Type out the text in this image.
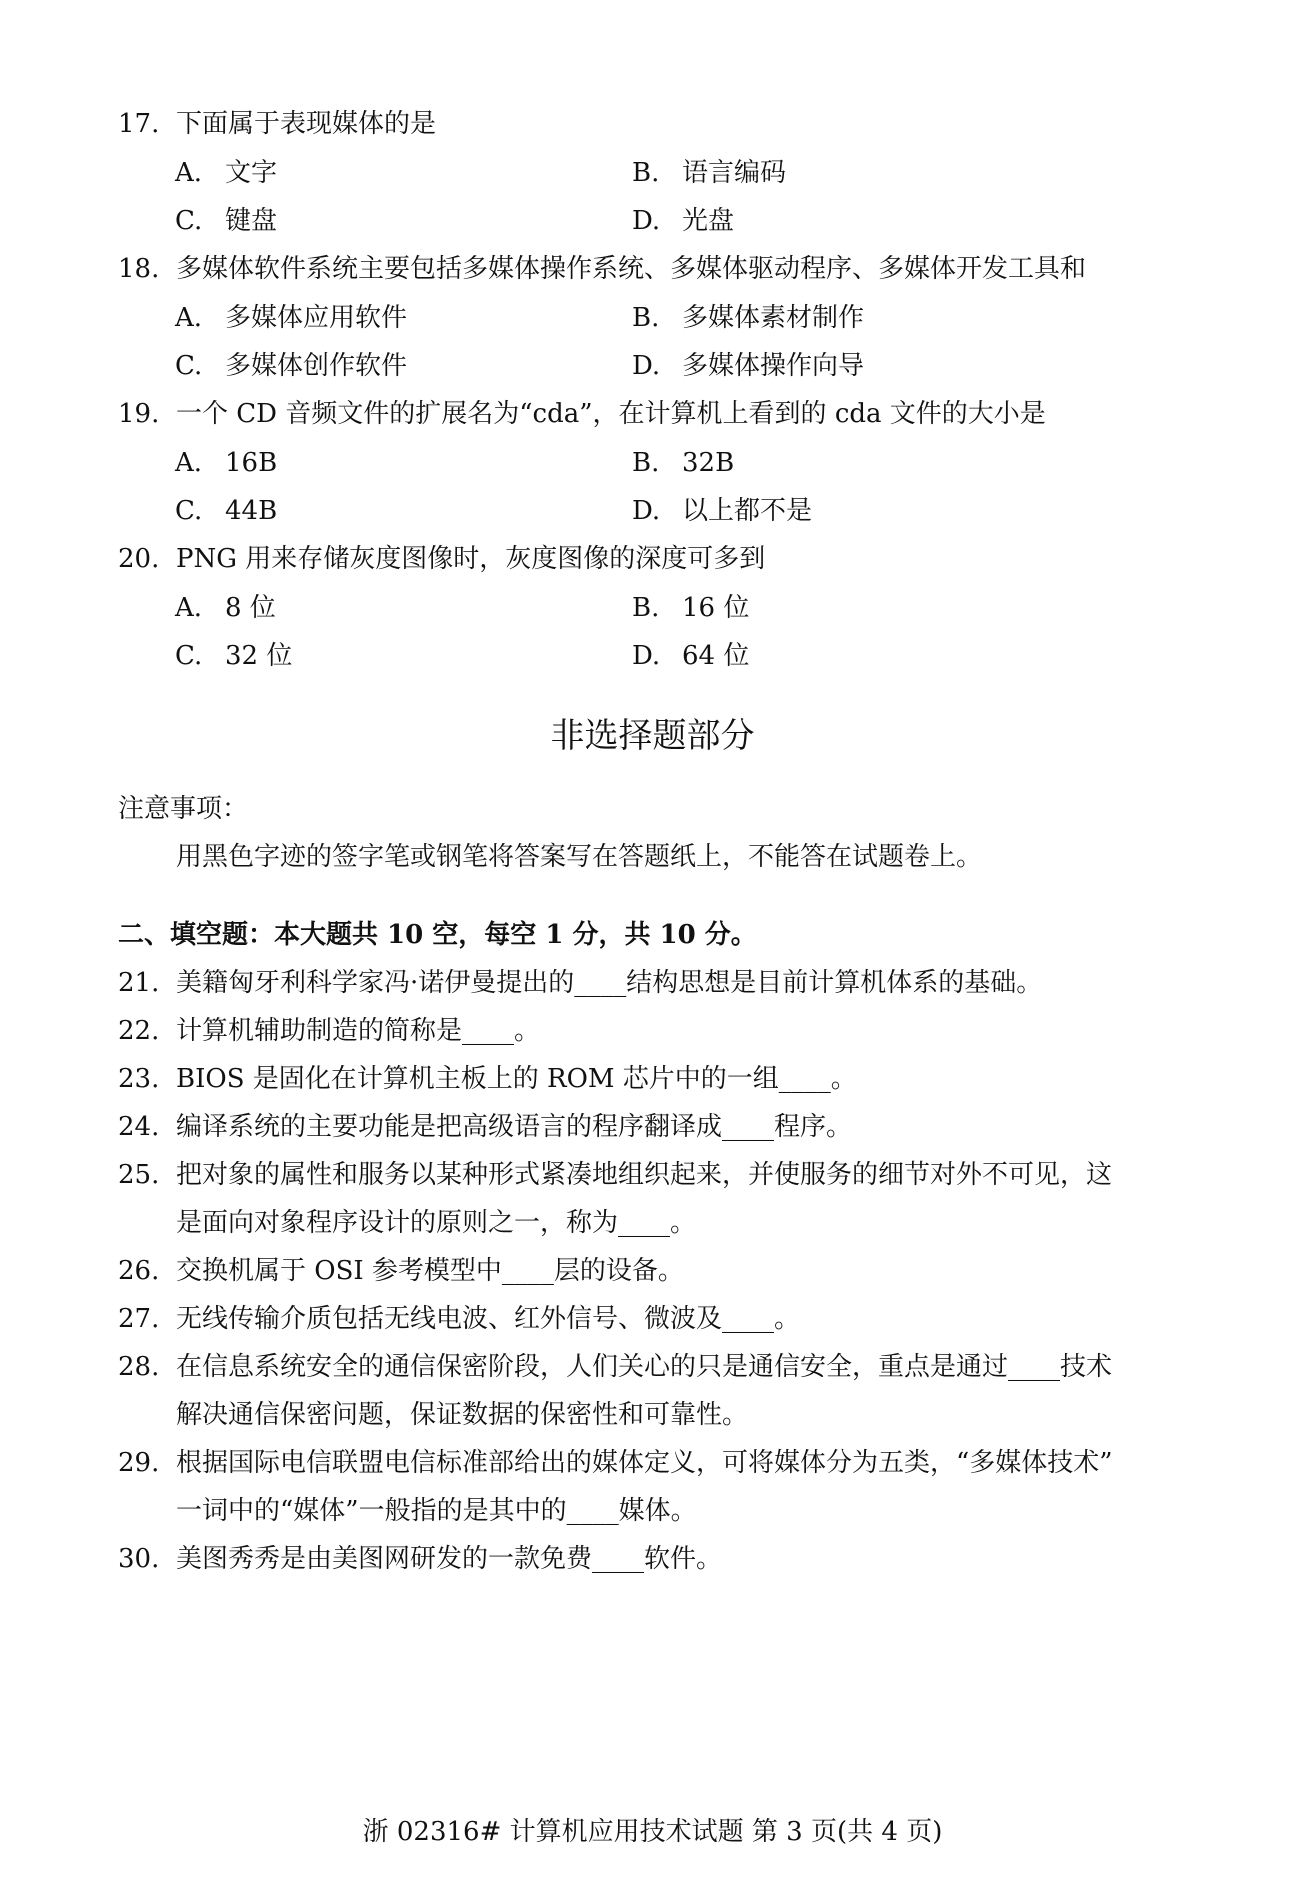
17. 下面属于表现媒体的是
A. 文字	B. 语言编码
C. 键盘	D. 光盘
18. 多媒体软件系统主要包括多媒体操作系统、多媒体驱动程序、多媒体开发工具和
A. 多媒体应用软件	B. 多媒体素材制作
C. 多媒体创作软件	D. 多媒体操作向导
19. 一个 CD 音频文件的扩展名为“cda”，在计算机上看到的 cda 文件的大小是
A. 16B	B. 32B
C. 44B	D. 以上都不是
20. PNG 用来存储灰度图像时，灰度图像的深度可多到
A. 8 位	B. 16 位
C. 32 位	D. 64 位
非选择题部分
注意事项：
用黑色字迹的签字笔或钢笔将答案写在答题纸上，不能答在试题卷上。
二、填空题：本大题共 10 空，每空 1 分，共 10 分。
21. 美籍匈牙利科学家冯·诺伊曼提出的____结构思想是目前计算机体系的基础。
22. 计算机辅助制造的简称是____。
23. BIOS 是固化在计算机主板上的 ROM 芯片中的一组____。
24. 编译系统的主要功能是把高级语言的程序翻译成____程序。
25. 把对象的属性和服务以某种形式紧凑地组织起来，并使服务的细节对外不可见，这
是面向对象程序设计的原则之一，称为____。
26. 交换机属于 OSI 参考模型中____层的设备。
27. 无线传输介质包括无线电波、红外信号、微波及____。
28. 在信息系统安全的通信保密阶段，人们关心的只是通信安全，重点是通过____技术
解决通信保密问题，保证数据的保密性和可靠性。
29. 根据国际电信联盟电信标准部给出的媒体定义，可将媒体分为五类，“多媒体技术”
一词中的“媒体”一般指的是其中的____媒体。
30. 美图秀秀是由美图网研发的一款免费____软件。
浙 02316# 计算机应用技术试题 第 3 页(共 4 页)
